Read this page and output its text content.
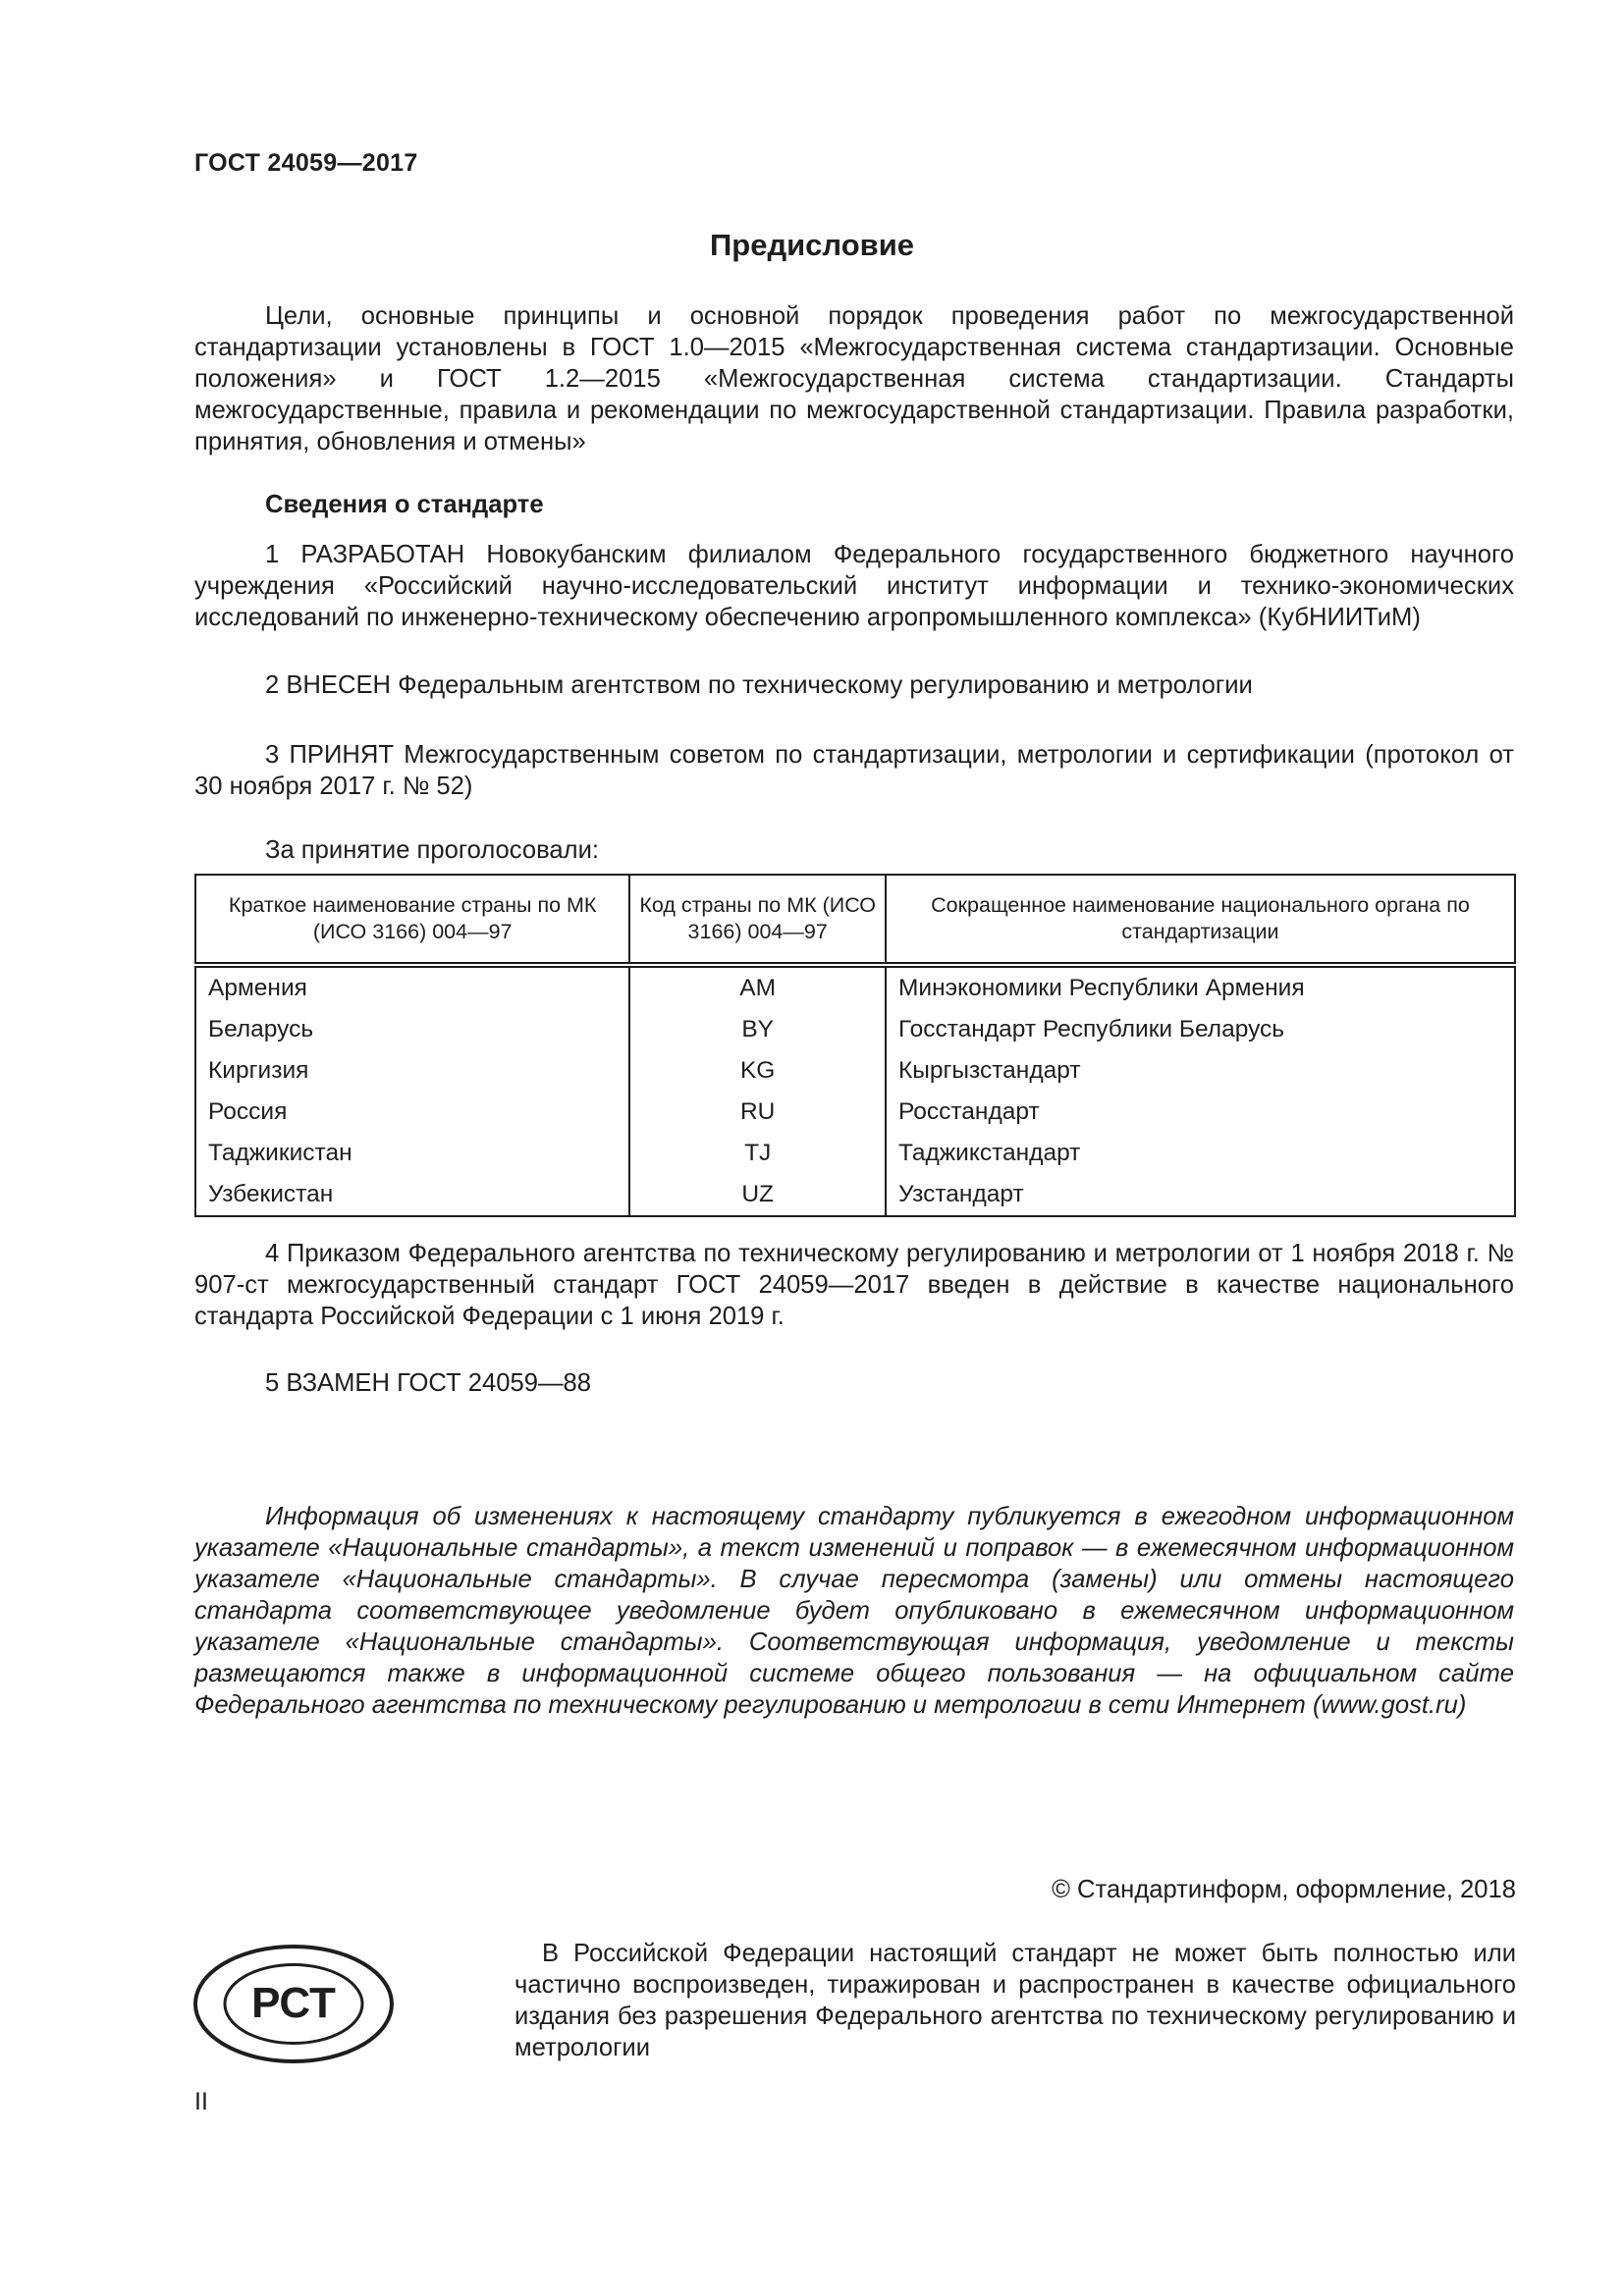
ГОСТ 24059—2017
Предисловие

Цели, основные принципы и основной порядок проведения работ по межгосударственной стандартизации установлены в ГОСТ 1.0—2015 «Межгосударственная система стандартизации. Основные положения» и ГОСТ 1.2—2015 «Межгосударственная система стандартизации. Стандарты межгосударственные, правила и рекомендации по межгосударственной стандартизации. Правила разработки, принятия, обновления и отмены»

Сведения о стандарте

1 РАЗРАБОТАН Новокубанским филиалом Федерального государственного бюджетного научного учреждения «Российский научно-исследовательский институт информации и технико-экономических исследований по инженерно-техническому обеспечению агропромышленного комплекса» (КубНИИТиМ)

2 ВНЕСЕН Федеральным агентством по техническому регулированию и метрологии

3 ПРИНЯТ Межгосударственным советом по стандартизации, метрологии и сертификации (протокол от 30 ноября 2017 г. № 52)

За принятие проголосовали:
Краткое наименование страны по МК (ИСО 3166) 004—97	Код страны по МК (ИСО 3166) 004—97	Сокращенное наименование национального органа по стандартизации
Армения	AM	Минэкономики Республики Армения
Беларусь	BY	Госстандарт Республики Беларусь
Киргизия	KG	Кыргызстандарт
Россия	RU	Росстандарт
Таджикистан	TJ	Таджикстандарт
Узбекистан	UZ	Узстандарт

4 Приказом Федерального агентства по техническому регулированию и метрологии от 1 ноября 2018 г. № 907-ст межгосударственный стандарт ГОСТ 24059—2017 введен в действие в качестве национального стандарта Российской Федерации с 1 июня 2019 г.

5 ВЗАМЕН ГОСТ 24059—88

Информация об изменениях к настоящему стандарту публикуется в ежегодном информационном указателе «Национальные стандарты», а текст изменений и поправок — в ежемесячном информационном указателе «Национальные стандарты». В случае пересмотра (замены) или отмены настоящего стандарта соответствующее уведомление будет опубликовано в ежемесячном информационном указателе «Национальные стандарты». Соответствующая информация, уведомление и тексты размещаются также в информационной системе общего пользования — на официальном сайте Федерального агентства по техническому регулированию и метрологии в сети Интернет (www.gost.ru)

© Стандартинформ, оформление, 2018
РСТ

В Российской Федерации настоящий стандарт не может быть полностью или частично воспроизведен, тиражирован и распространен в качестве официального издания без разрешения Федерального агентства по техническому регулированию и метрологии

II
